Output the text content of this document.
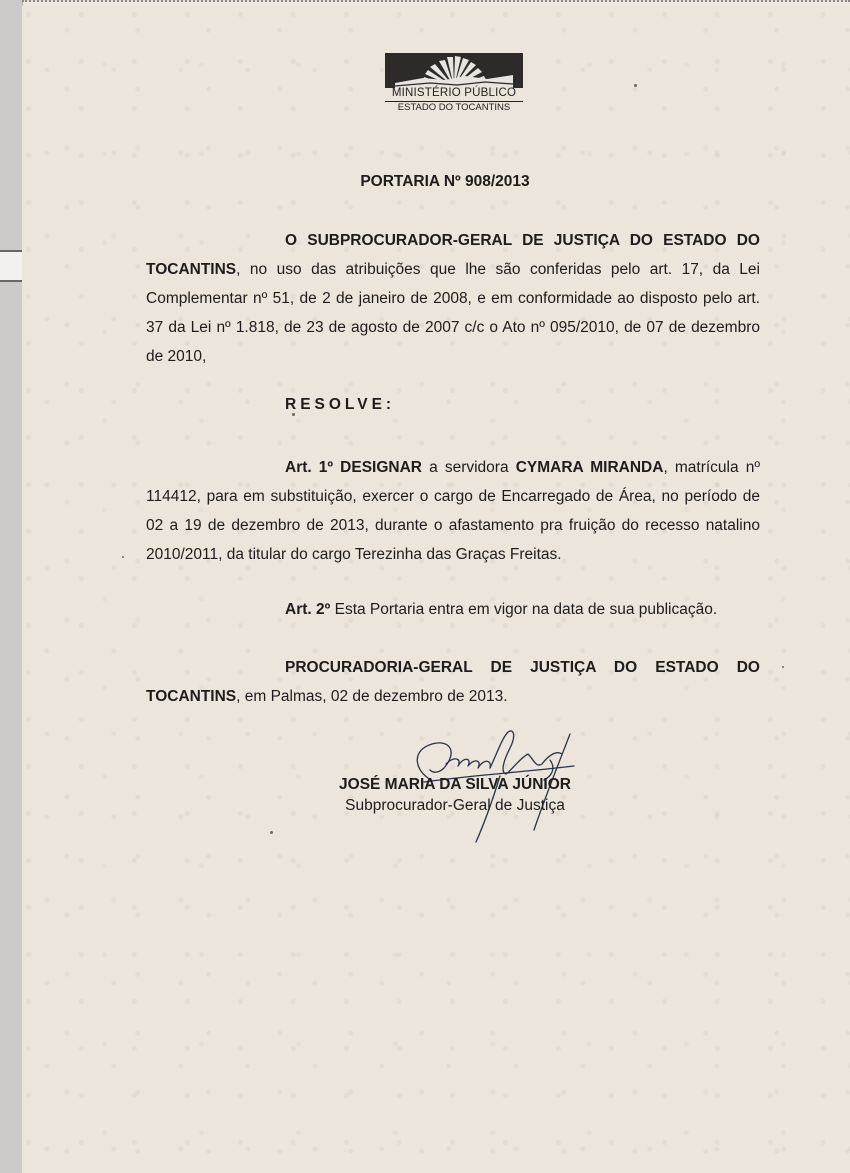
MINISTÉRIO PÚBLICO
ESTADO DO TOCANTINS
PORTARIA Nº 908/2013
O SUBPROCURADOR-GERAL DE JUSTIÇA DO ESTADO DO TOCANTINS, no uso das atribuições que lhe são conferidas pelo art. 17, da Lei Complementar nº 51, de 2 de janeiro de 2008, e em conformidade ao disposto pelo art. 37 da Lei nº 1.818, de 23 de agosto de 2007 c/c o Ato nº 095/2010, de 07 de dezembro de 2010,
RESOLVE:
Art. 1º DESIGNAR a servidora CYMARA MIRANDA, matrícula nº 114412, para em substituição, exercer o cargo de Encarregado de Área, no período de 02 a 19 de dezembro de 2013, durante o afastamento pra fruição do recesso natalino 2010/2011, da titular do cargo Terezinha das Graças Freitas.
Art. 2º Esta Portaria entra em vigor na data de sua publicação.
PROCURADORIA-GERAL DE JUSTIÇA DO ESTADO DO TOCANTINS, em Palmas, 02 de dezembro de 2013.
JOSÉ MARIA DA SILVA JÚNIOR
Subprocurador-Geral de Justiça
